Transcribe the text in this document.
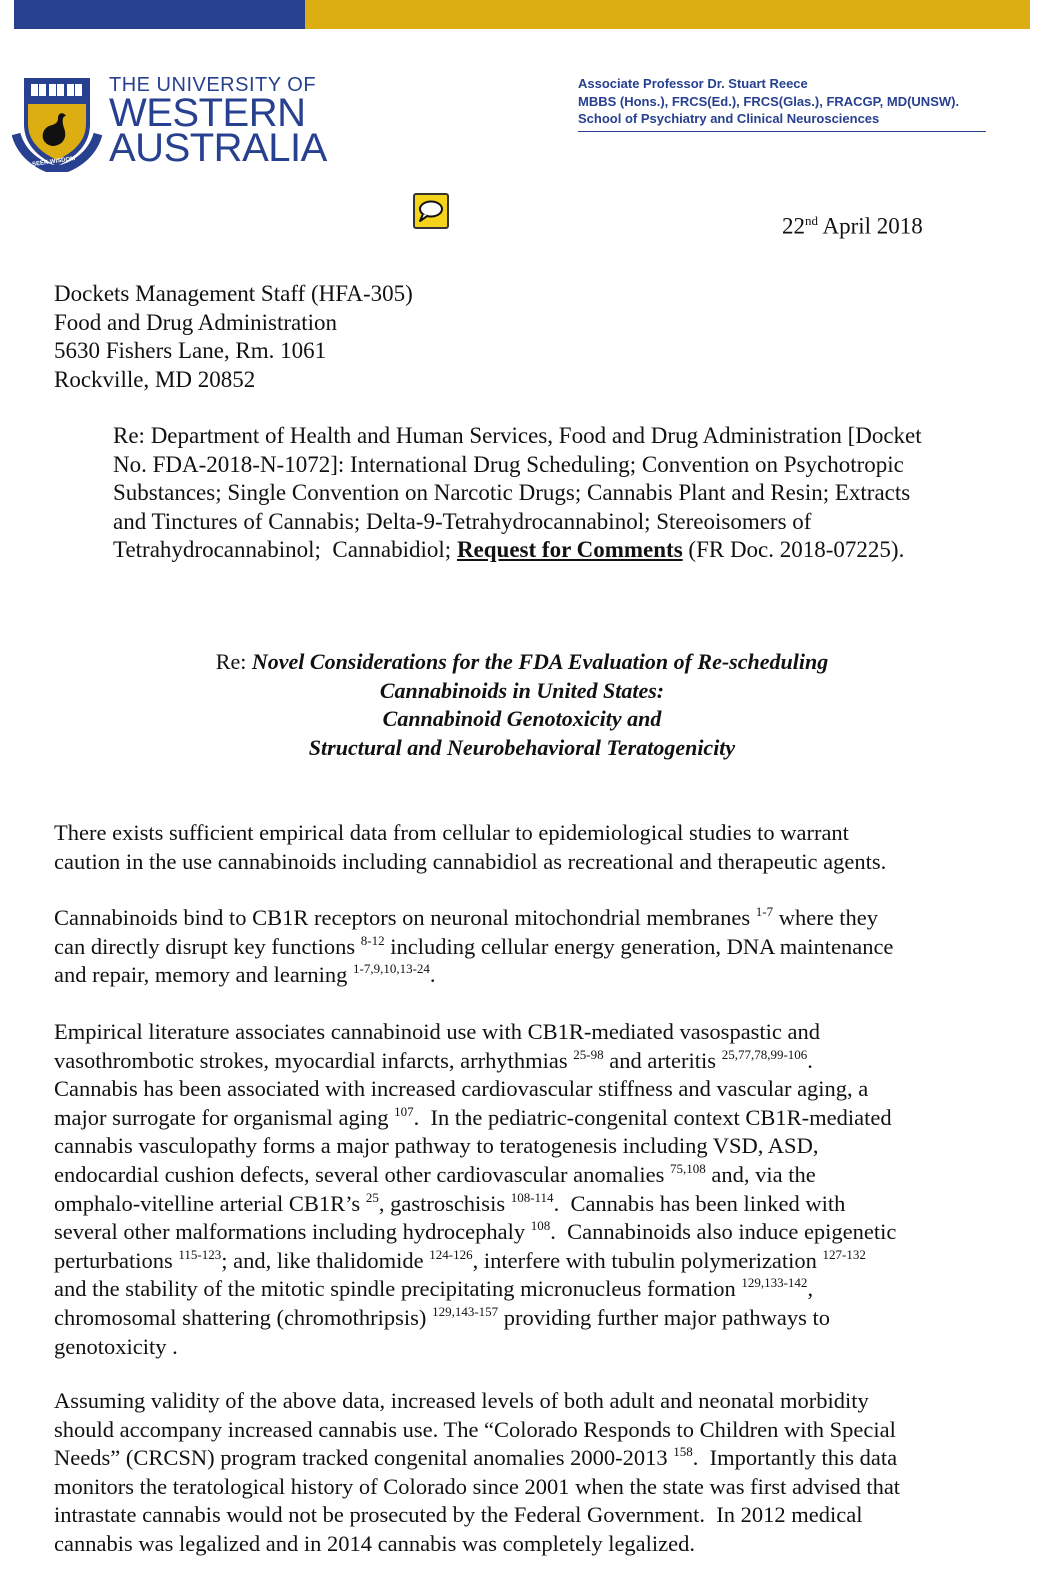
SEEK WISDOM
THE UNIVERSITY OF
WESTERN
AUSTRALIA
Associate Professor Dr. Stuart Reece
MBBS (Hons.), FRCS(Ed.), FRCS(Glas.), FRACGP, MD(UNSW).
School of Psychiatry and Clinical Neurosciences
22nd April 2018
Dockets Management Staff (HFA-305)
Food and Drug Administration
5630 Fishers Lane, Rm. 1061
Rockville, MD 20852
Re: Department of Health and Human Services, Food and Drug Administration [Docket
No. FDA-2018-N-1072]: International Drug Scheduling; Convention on Psychotropic
Substances; Single Convention on Narcotic Drugs; Cannabis Plant and Resin; Extracts
and Tinctures of Cannabis; Delta-9-Tetrahydrocannabinol; Stereoisomers of
Tetrahydrocannabinol;  Cannabidiol; Request for Comments (FR Doc. 2018-07225).
Re: Novel Considerations for the FDA Evaluation of Re-scheduling
Cannabinoids in United States:
Cannabinoid Genotoxicity and
Structural and Neurobehavioral Teratogenicity
There exists sufficient empirical data from cellular to epidemiological studies to warrant
caution in the use cannabinoids including cannabidiol as recreational and therapeutic agents.
Cannabinoids bind to CB1R receptors on neuronal mitochondrial membranes $^{1-7}$ where they
can directly disrupt key functions $^{8-12}$ including cellular energy generation, DNA maintenance
and repair, memory and learning $^{1-7,9,10,13-24}$.
Empirical literature associates cannabinoid use with CB1R-mediated vasospastic and
vasothrombotic strokes, myocardial infarcts, arrhythmias $^{25-98}$ and arteritis $^{25,77,78,99-106}$.
Cannabis has been associated with increased cardiovascular stiffness and vascular aging, a
major surrogate for organismal aging $^{107}$.  In the pediatric-congenital context CB1R-mediated
cannabis vasculopathy forms a major pathway to teratogenesis including VSD, ASD,
endocardial cushion defects, several other cardiovascular anomalies $^{75,108}$ and, via the
omphalo-vitelline arterial CB1R’s $^{25}$, gastroschisis $^{108-114}$.  Cannabis has been linked with
several other malformations including hydrocephaly $^{108}$.  Cannabinoids also induce epigenetic
perturbations $^{115-123}$; and, like thalidomide $^{124-126}$, interfere with tubulin polymerization $^{127-132}$
and the stability of the mitotic spindle precipitating micronucleus formation $^{129,133-142}$,
chromosomal shattering (chromothripsis) $^{129,143-157}$ providing further major pathways to
genotoxicity .
Assuming validity of the above data, increased levels of both adult and neonatal morbidity
should accompany increased cannabis use. The “Colorado Responds to Children with Special
Needs” (CRCSN) program tracked congenital anomalies 2000-2013 $^{158}$.  Importantly this data
monitors the teratological history of Colorado since 2001 when the state was first advised that
intrastate cannabis would not be prosecuted by the Federal Government.  In 2012 medical
cannabis was legalized and in 2014 cannabis was completely legalized.
